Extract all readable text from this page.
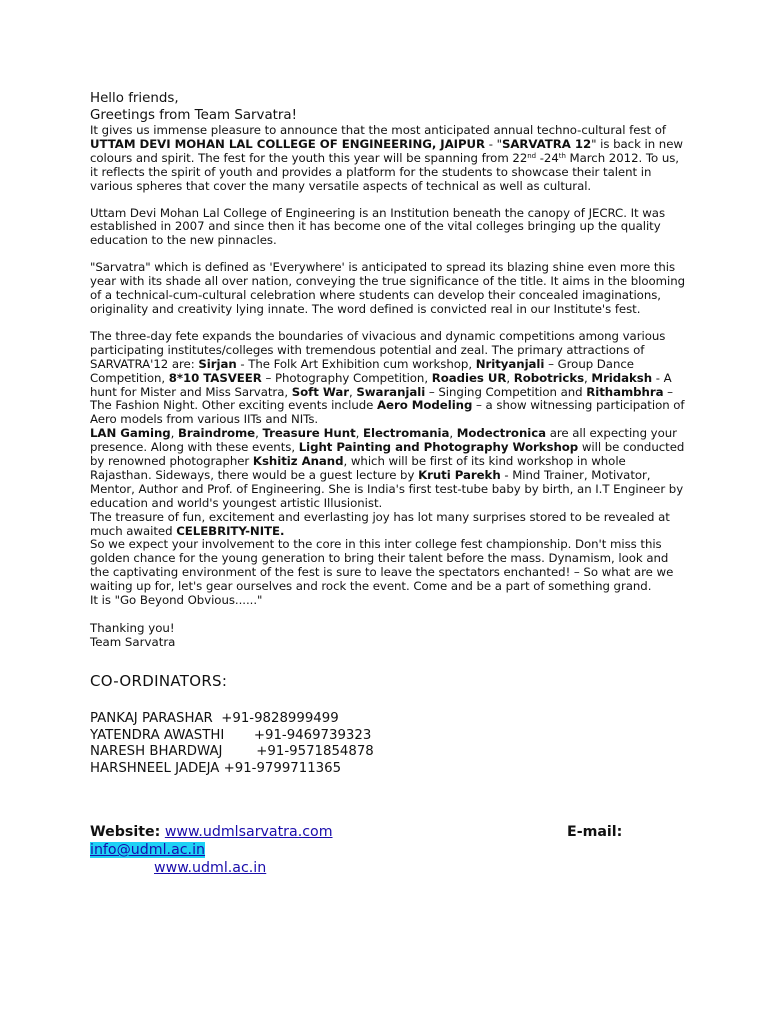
Hello friends,

Greetings from Team Sarvatra!

It gives us immense pleasure to announce that the most anticipated annual techno-cultural fest of
UTTAM DEVI MOHAN LAL COLLEGE OF ENGINEERING, JAIPUR - "SARVATRA 12" is back in new colours and spirit. The fest for the youth this year will be spanning from 22nd -24th March 2012. To us, it reflects the spirit of youth and provides a platform for the students to showcase their talent in various spheres that cover the many versatile aspects of technical as well as cultural.

Uttam Devi Mohan Lal College of Engineering is an Institution beneath the canopy of JECRC. It was established in 2007 and since then it has become one of the vital colleges bringing up the quality education to the new pinnacles.

"Sarvatra" which is defined as 'Everywhere' is anticipated to spread its blazing shine even more this year with its shade all over nation, conveying the true significance of the title. It aims in the blooming of a technical-cum-cultural celebration where students can develop their concealed imaginations, originality and creativity lying innate. The word defined is convicted real in our Institute's fest.

The three-day fete expands the boundaries of vivacious and dynamic competitions among various participating institutes/colleges with tremendous potential and zeal. The primary attractions of SARVATRA'12 are: Sirjan - The Folk Art Exhibition cum workshop, Nrityanjali – Group Dance Competition, 8*10 TASVEER – Photography Competition, Roadies UR, Robotricks, Mridaksh - A hunt for Mister and Miss Sarvatra, Soft War, Swaranjali – Singing Competition and Rithambhra – The Fashion Night. Other exciting events include Aero Modeling – a show witnessing participation of Aero models from various IITs and NITs.
LAN Gaming, Braindrome, Treasure Hunt, Electromania, Modectronica are all expecting your presence. Along with these events, Light Painting and Photography Workshop will be conducted by renowned photographer Kshitiz Anand, which will be first of its kind workshop in whole Rajasthan. Sideways, there would be a guest lecture by Kruti Parekh - Mind Trainer, Motivator, Mentor, Author and Prof. of Engineering. She is India's first test-tube baby by birth, an I.T Engineer by education and world's youngest artistic Illusionist.
The treasure of fun, excitement and everlasting joy has lot many surprises stored to be revealed at much awaited CELEBRITY-NITE.
So we expect your involvement to the core in this inter college fest championship. Don't miss this golden chance for the young generation to bring their talent before the mass. Dynamism, look and the captivating environment of the fest is sure to leave the spectators enchanted! – So what are we waiting up for, let's gear ourselves and rock the event. Come and be a part of something grand.
It is "Go Beyond Obvious......"

Thanking you!

Team Sarvatra

CO-ORDINATORS:
PANKAJ PARASHAR  +91-9828999499
YATENDRA AWASTHI       +91-9469739323
NARESH BHARDWAJ        +91-9571854878
HARSHNEEL JADEJA +91-9799711365
Website: www.udmlsarvatra.com
info@udml.ac.in
www.udml.ac.in
E-mail:
